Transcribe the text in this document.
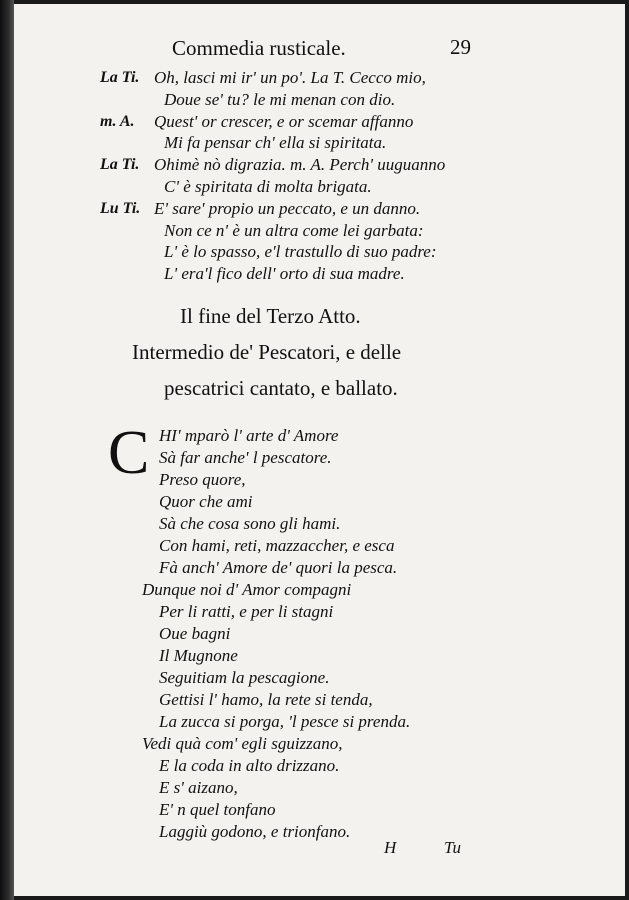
Commedia rusticale.	29
La Ti.
m. A.
La Ti.
Lu Ti.
Oh, lasci mi ir' un po'. La T. Cecco mio,
Doue se' tu? le mi menan con dio.
Quest' or crescer, e or scemar affanno
Mi fa pensar ch' ella si spiritata.
Ohimè nò digrazia. m. A. Perch' uuguanno
C' è spiritata di molta brigata.
E' sare' propio un peccato, e un danno.
Non ce n' è un altra come lei garbata:
L' è lo spasso, e'l trastullo di suo padre:
L' era'l fico dell' orto di sua madre.
Il fine del Terzo Atto.
Intermedio de' Pescatori, e delle
pescatrici cantato, e ballato.
C HI' mparò l' arte d' Amore
Sà far anche' l pescatore.
Preso quore,
Quor che ami
Sà che cosa sono gli hami.
Con hami, reti, mazzaccher, e esca
Fà anch' Amore de' quori la pesca.
Dunque noi d' Amor compagni
Per li ratti, e per li stagni
Oue bagni
Il Mugnone
Seguitiam la pescagione.
Gettisi l' hamo, la rete si tenda,
La zucca si porga, 'l pesce si prenda.
Vedi quà com' egli sguizzano,
E la coda in alto drizzano.
E s' aizano,
E' n quel tonfano
Laggiù godono, e trionfano.
H	Tu
